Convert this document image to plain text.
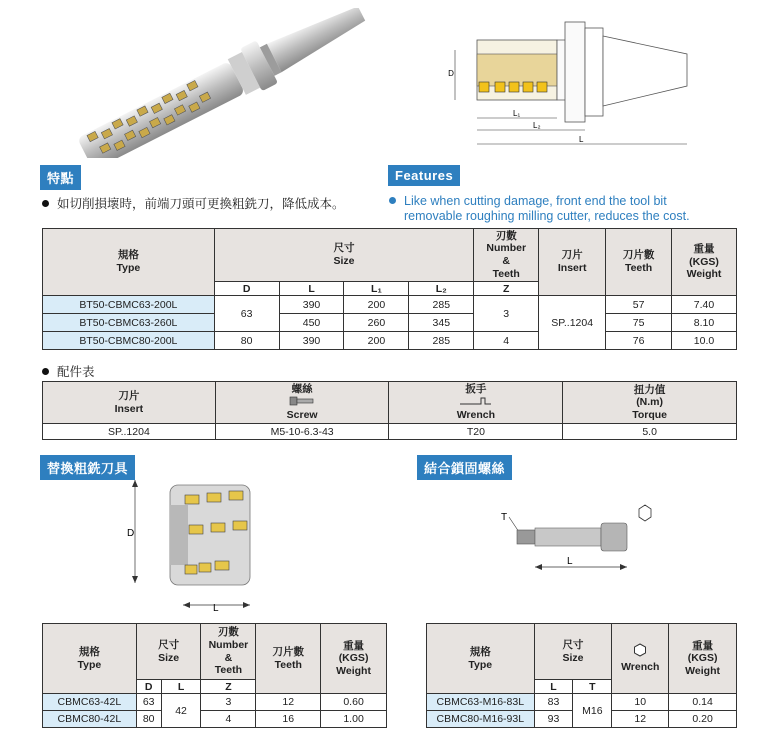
D
L₁
L₂
L
特點	Features
如切削損壞時，前端刀頭可更換粗銑刀，降低成本。	Like when cutting damage, front end the tool bit
removable roughing milling cutter, reduces the cost.
規格
Type	尺寸
Size				刃數
Number
&
Teeth	刀片
Insert	刀片數
Teeth	重量
(KGS)
Weight
	D	L	L₁	L₂	Z			
BT50-CBMC63-200L	63	390	200	285	3	SP..1204	57	7.40
BT50-CBMC63-260L		450	260	345			75	8.10
BT50-CBMC80-200L	80	390	200	285	4		76	10.0
配件表
刀片
Insert	螺絲

Screw	扳手

Wrench	扭力值
(N.m)
Torque
SP..1204	M5-10-6.3-43	T20	5.0
替換粗銑刀具	結合鎖固螺絲
D
L
T
L
規格
Type	尺寸
Size		刃數
Number
&
Teeth	刀片數
Teeth	重量
(KGS)
Weight
	D	L	Z		
CBMC63-42L	63	42	3	12	0.60
CBMC80-42L	80		4	16	1.00
規格
Type	尺寸
Size		Wrench	重量
(KGS)
Weight
	L	T		
CBMC63-M16-83L	83	M16	10	0.14
CBMC80-M16-93L	93		12	0.20
